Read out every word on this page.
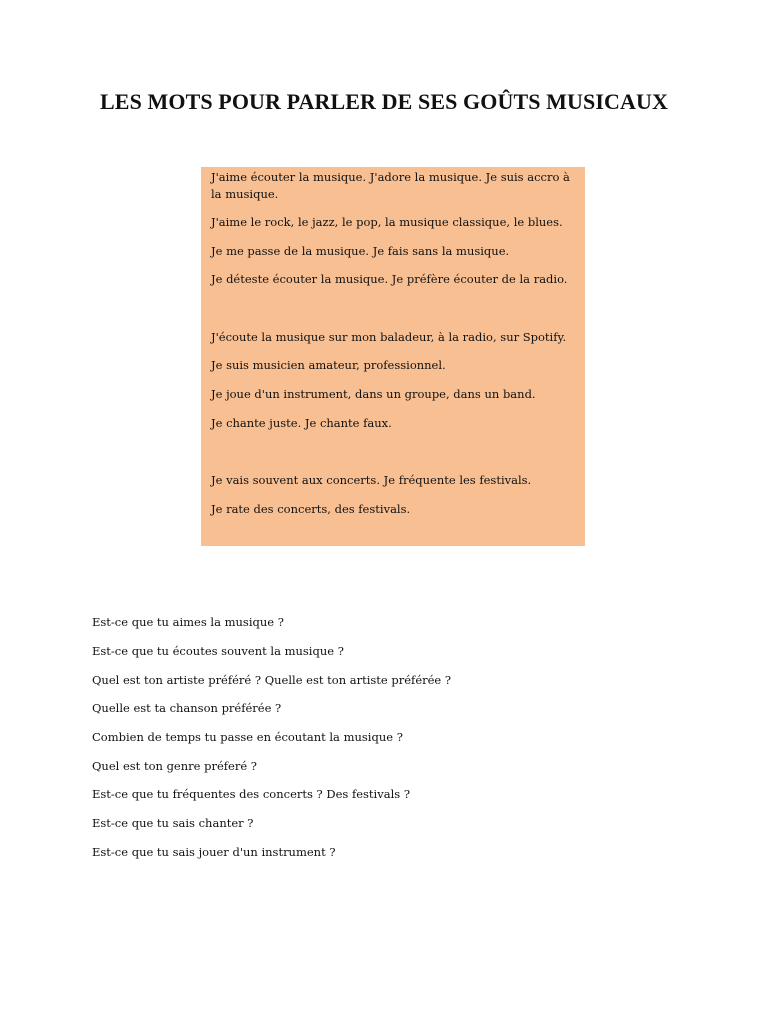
LES MOTS POUR PARLER DE SES GOÛTS MUSICAUX

J'aime écouter la musique. J'adore la musique. Je suis accro à la musique.

J'aime le rock, le jazz, le pop, la musique classique, le blues.

Je me passe de la musique. Je fais sans la musique.

Je déteste écouter la musique. Je préfère écouter de la radio.

J'écoute la musique sur mon baladeur, à la radio, sur Spotify.

Je suis musicien amateur, professionnel.

Je joue d'un instrument, dans un groupe, dans un band.

Je chante juste. Je chante faux.

Je vais souvent aux concerts. Je fréquente les festivals.

Je rate des concerts, des festivals.

Est-ce que tu aimes la musique ?

Est-ce que tu écoutes souvent la musique ?

Quel est ton artiste préféré ? Quelle est ton artiste préférée ?

Quelle est ta chanson préférée ?

Combien de temps tu passe en écoutant la musique ?

Quel est ton genre préferé ?

Est-ce que tu fréquentes des concerts ? Des festivals ?

Est-ce que tu sais chanter ?

Est-ce que tu sais jouer d'un instrument ?
